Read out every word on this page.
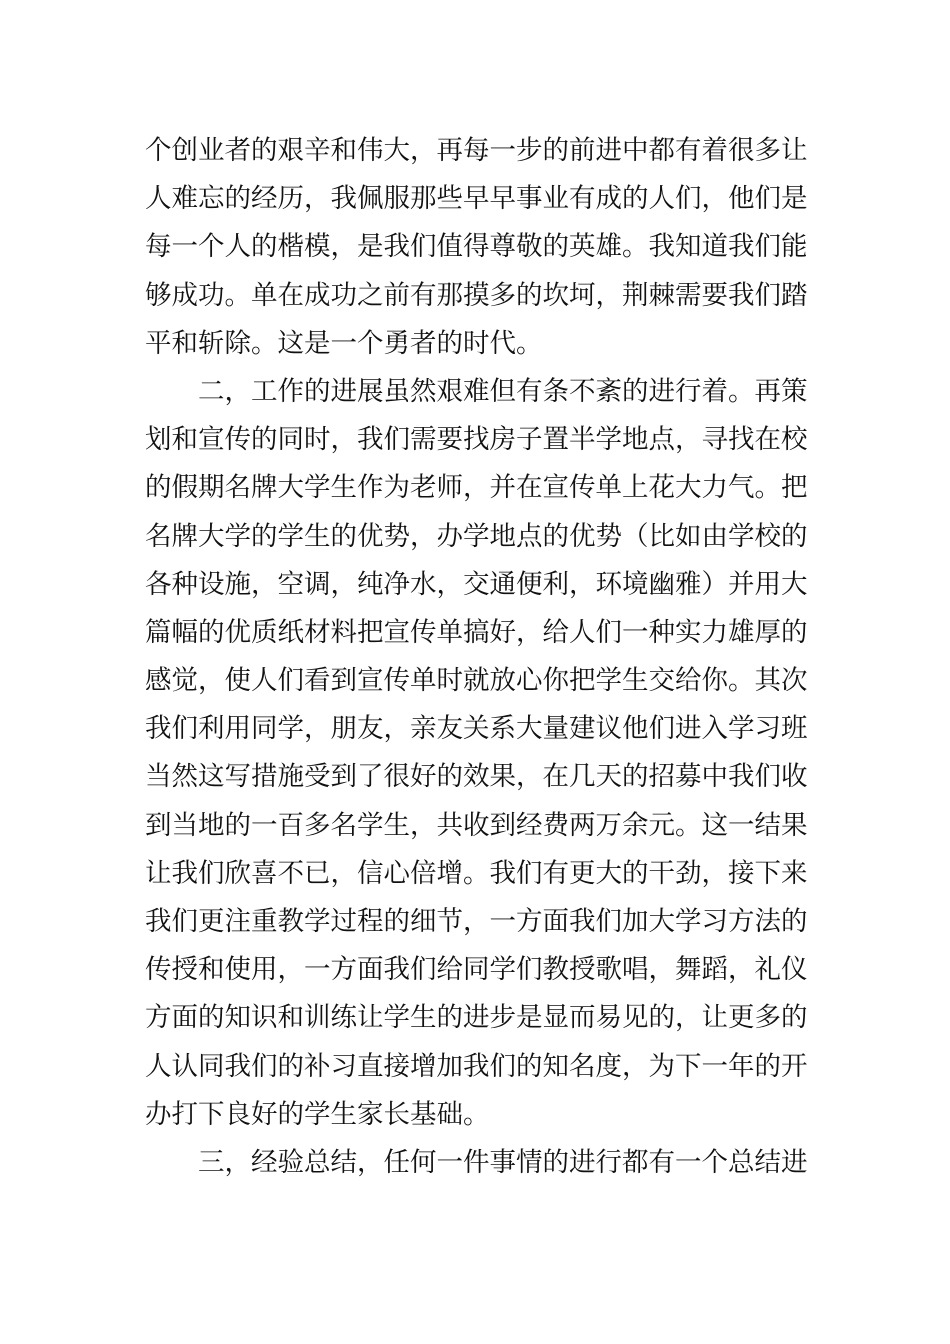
个创业者的艰辛和伟大，再每一步的前进中都有着很多让
人难忘的经历，我佩服那些早早事业有成的人们，他们是
每一个人的楷模，是我们值得尊敬的英雄。我知道我们能
够成功。单在成功之前有那摸多的坎坷，荆棘需要我们踏
平和斩除。这是一个勇者的时代。
　　二，工作的进展虽然艰难但有条不紊的进行着。再策
划和宣传的同时，我们需要找房子置半学地点，寻找在校
的假期名牌大学生作为老师，并在宣传单上花大力气。把
名牌大学的学生的优势，办学地点的优势（比如由学校的
各种设施，空调，纯净水，交通便利，环境幽雅）并用大
篇幅的优质纸材料把宣传单搞好，给人们一种实力雄厚的
感觉，使人们看到宣传单时就放心你把学生交给你。其次
我们利用同学，朋友，亲友关系大量建议他们进入学习班
当然这写措施受到了很好的效果，在几天的招募中我们收
到当地的一百多名学生，共收到经费两万余元。这一结果
让我们欣喜不已，信心倍增。我们有更大的干劲，接下来
我们更注重教学过程的细节，一方面我们加大学习方法的
传授和使用，一方面我们给同学们教授歌唱，舞蹈，礼仪
方面的知识和训练让学生的进步是显而易见的，让更多的
人认同我们的补习直接增加我们的知名度，为下一年的开
办打下良好的学生家长基础。
　　三，经验总结，任何一件事情的进行都有一个总结进
